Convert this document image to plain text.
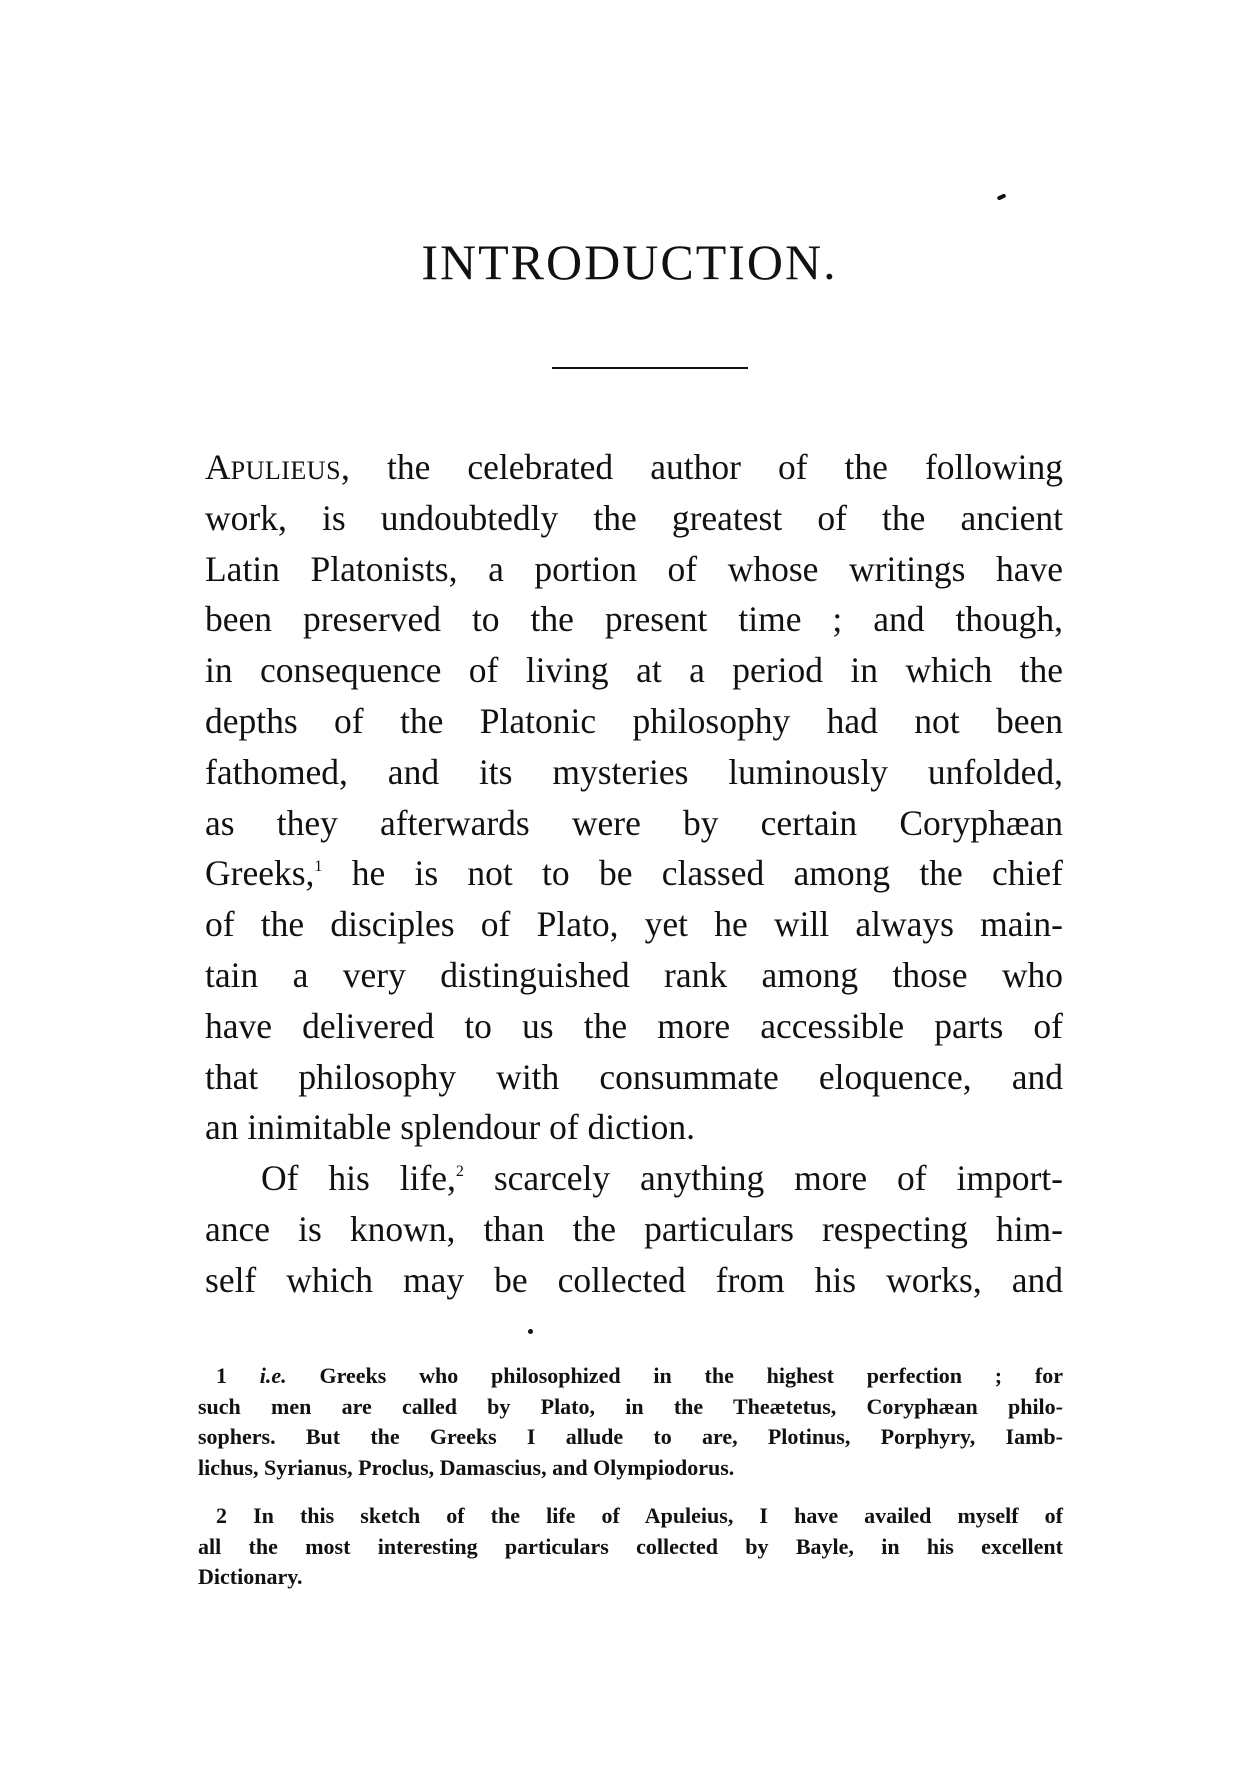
INTRODUCTION.
APULIEUS, the celebrated author of the following
work, is undoubtedly the greatest of the ancient
Latin Platonists, a portion of whose writings have
been preserved to the present time ; and though,
in consequence of living at a period in which the
depths of the Platonic philosophy had not been
fathomed, and its mysteries luminously unfolded,
as they afterwards were by certain Coryphæan
Greeks,$^1$ he is not to be classed among the chief
of the disciples of Plato, yet he will always main-
tain a very distinguished rank among those who
have delivered to us the more accessible parts of
that philosophy with consummate eloquence, and
an inimitable splendour of diction.
Of his life,$^2$ scarcely anything more of import-
ance is known, than the particulars respecting him-
self which may be collected from his works, and
1 i.e. Greeks who philosophized in the highest perfection ; for
such men are called by Plato, in the Theætetus, Coryphæan philo-
sophers. But the Greeks I allude to are, Plotinus, Porphyry, Iamb-
lichus, Syrianus, Proclus, Damascius, and Olympiodorus.
2 In this sketch of the life of Apuleius, I have availed myself of
all the most interesting particulars collected by Bayle, in his excellent
Dictionary.
